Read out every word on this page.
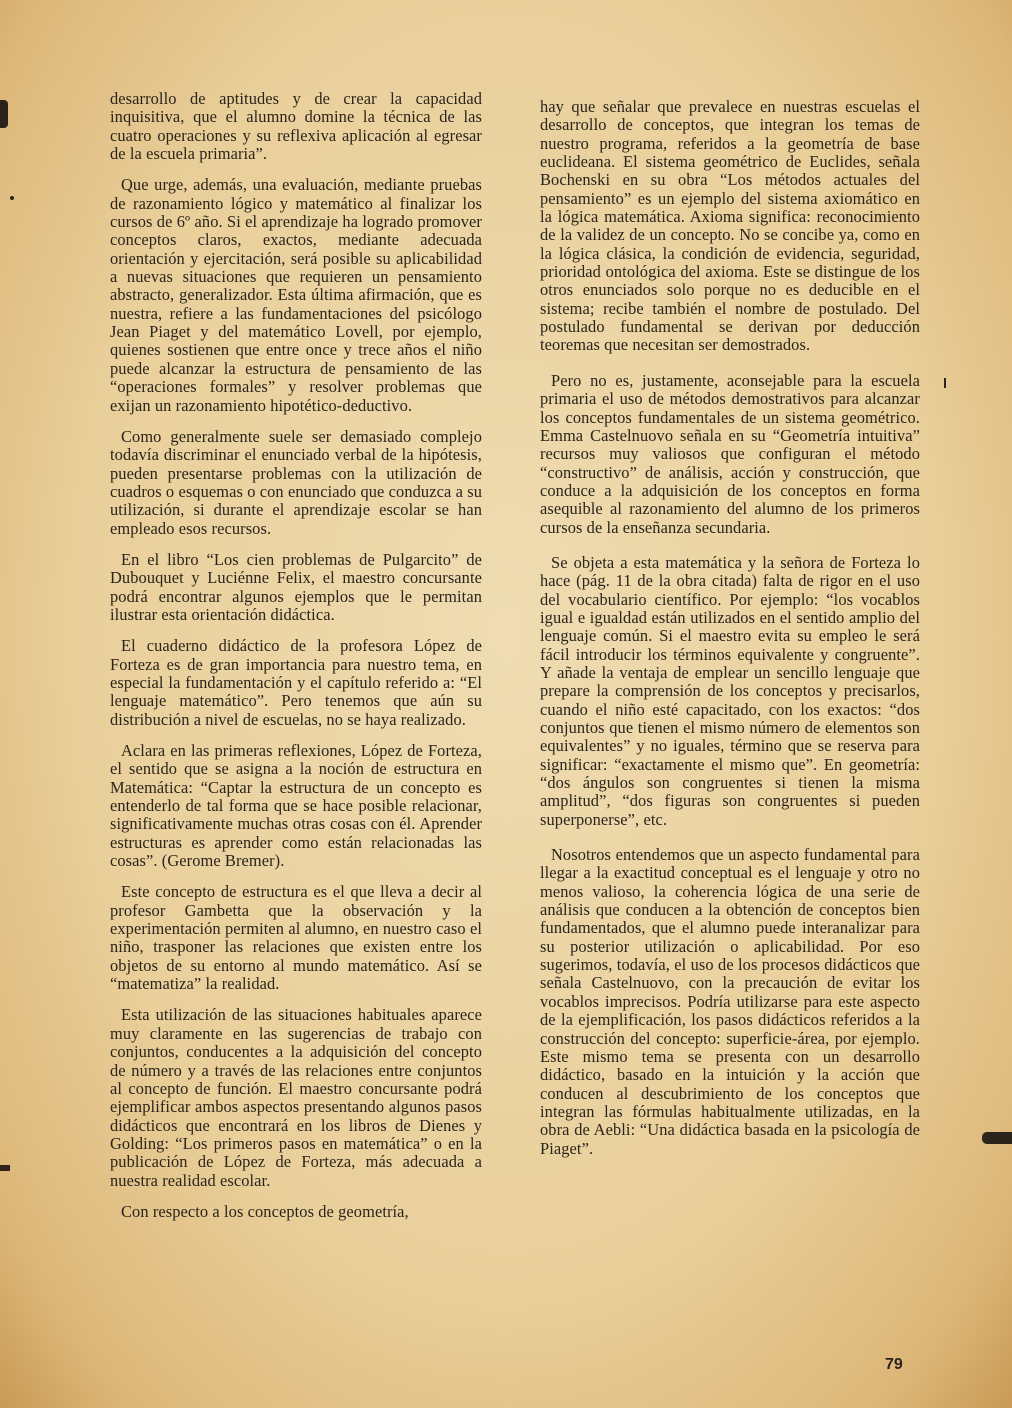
desarrollo de aptitudes y de crear la capacidad inquisitiva, que el alumno domine la técnica de las cuatro operaciones y su reflexiva aplicación al egresar de la escuela primaria”.

Que urge, además, una evaluación, mediante pruebas de razonamiento lógico y matemático al finalizar los cursos de 6º año. Si el aprendizaje ha logrado promover conceptos claros, exactos, mediante adecuada orientación y ejercitación, será posible su aplicabilidad a nuevas situaciones que requieren un pensamiento abstracto, generalizador. Esta última afirmación, que es nuestra, refiere a las fundamentaciones del psicólogo Jean Piaget y del matemático Lovell, por ejemplo, quienes sostienen que entre once y trece años el niño puede alcanzar la estructura de pensamiento de las “operaciones formales” y resolver problemas que exijan un razonamiento hipotético-deductivo.

Como generalmente suele ser demasiado complejo todavía discriminar el enunciado verbal de la hipótesis, pueden presentarse problemas con la utilización de cuadros o esquemas o con enunciado que conduzca a su utilización, si durante el aprendizaje escolar se han empleado esos recursos.

En el libro “Los cien problemas de Pulgarcito” de Dubouquet y Luciénne Felix, el maestro concursante podrá encontrar algunos ejemplos que le permitan ilustrar esta orientación didáctica.

El cuaderno didáctico de la profesora López de Forteza es de gran importancia para nuestro tema, en especial la fundamentación y el capítulo referido a: “El lenguaje matemático”. Pero tenemos que aún su distribución a nivel de escuelas, no se haya realizado.

Aclara en las primeras reflexiones, López de Forteza, el sentido que se asigna a la noción de estructura en Matemática: “Captar la estructura de un concepto es entenderlo de tal forma que se hace posible relacionar, significativamente muchas otras cosas con él. Aprender estructuras es aprender como están relacionadas las cosas”. (Gerome Bremer).

Este concepto de estructura es el que lleva a decir al profesor Gambetta que la observación y la experimentación permiten al alumno, en nuestro caso el niño, trasponer las relaciones que existen entre los objetos de su entorno al mundo matemático. Así se “matematiza” la realidad.

Esta utilización de las situaciones habituales aparece muy claramente en las sugerencias de trabajo con conjuntos, conducentes a la adquisición del concepto de número y a través de las relaciones entre conjuntos al concepto de función. El maestro concursante podrá ejemplificar ambos aspectos presentando algunos pasos didácticos que encontrará en los libros de Dienes y Golding: “Los primeros pasos en matemática” o en la publicación de López de Forteza, más adecuada a nuestra realidad escolar.

Con respecto a los conceptos de geometría,

hay que señalar que prevalece en nuestras escuelas el desarrollo de conceptos, que integran los temas de nuestro programa, referidos a la geometría de base euclideana. El sistema geométrico de Euclides, señala Bochenski en su obra “Los métodos actuales del pensamiento” es un ejemplo del sistema axiomático en la lógica matemática. Axioma significa: reconocimiento de la validez de un concepto. No se concibe ya, como en la lógica clásica, la condición de evidencia, seguridad, prioridad ontológica del axioma. Este se distingue de los otros enunciados solo porque no es deducible en el sistema; recibe también el nombre de postulado. Del postulado fundamental se derivan por deducción teoremas que necesitan ser demostrados.

Pero no es, justamente, aconsejable para la escuela primaria el uso de métodos demostrativos para alcanzar los conceptos fundamentales de un sistema geométrico. Emma Castelnuovo señala en su “Geometría intuitiva” recursos muy valiosos que configuran el método “constructivo” de análisis, acción y construcción, que conduce a la adquisición de los conceptos en forma asequible al razonamiento del alumno de los primeros cursos de la enseñanza secundaria.

Se objeta a esta matemática y la señora de Forteza lo hace (pág. 11 de la obra citada) falta de rigor en el uso del vocabulario científico. Por ejemplo: “los vocablos igual e igualdad están utilizados en el sentido amplio del lenguaje común. Si el maestro evita su empleo le será fácil introducir los términos equivalente y congruente”. Y añade la ventaja de emplear un sencillo lenguaje que prepare la comprensión de los conceptos y precisarlos, cuando el niño esté capacitado, con los exactos: “dos conjuntos que tienen el mismo número de elementos son equivalentes” y no iguales, término que se reserva para significar: “exactamente el mismo que”. En geometría: “dos ángulos son congruentes si tienen la misma amplitud”, “dos figuras son congruentes si pueden superponerse”, etc.

Nosotros entendemos que un aspecto fundamental para llegar a la exactitud conceptual es el lenguaje y otro no menos valioso, la coherencia lógica de una serie de análisis que conducen a la obtención de conceptos bien fundamentados, que el alumno puede interanalizar para su posterior utilización o aplicabilidad. Por eso sugerimos, todavía, el uso de los procesos didácticos que señala Castelnuovo, con la precaución de evitar los vocablos imprecisos. Podría utilizarse para este aspecto de la ejemplificación, los pasos didácticos referidos a la construcción del concepto: superficie-área, por ejemplo. Este mismo tema se presenta con un desarrollo didáctico, basado en la intuición y la acción que conducen al descubrimiento de los conceptos que integran las fórmulas habitualmente utilizadas, en la obra de Aebli: “Una didáctica basada en la psicología de Piaget”.

79
